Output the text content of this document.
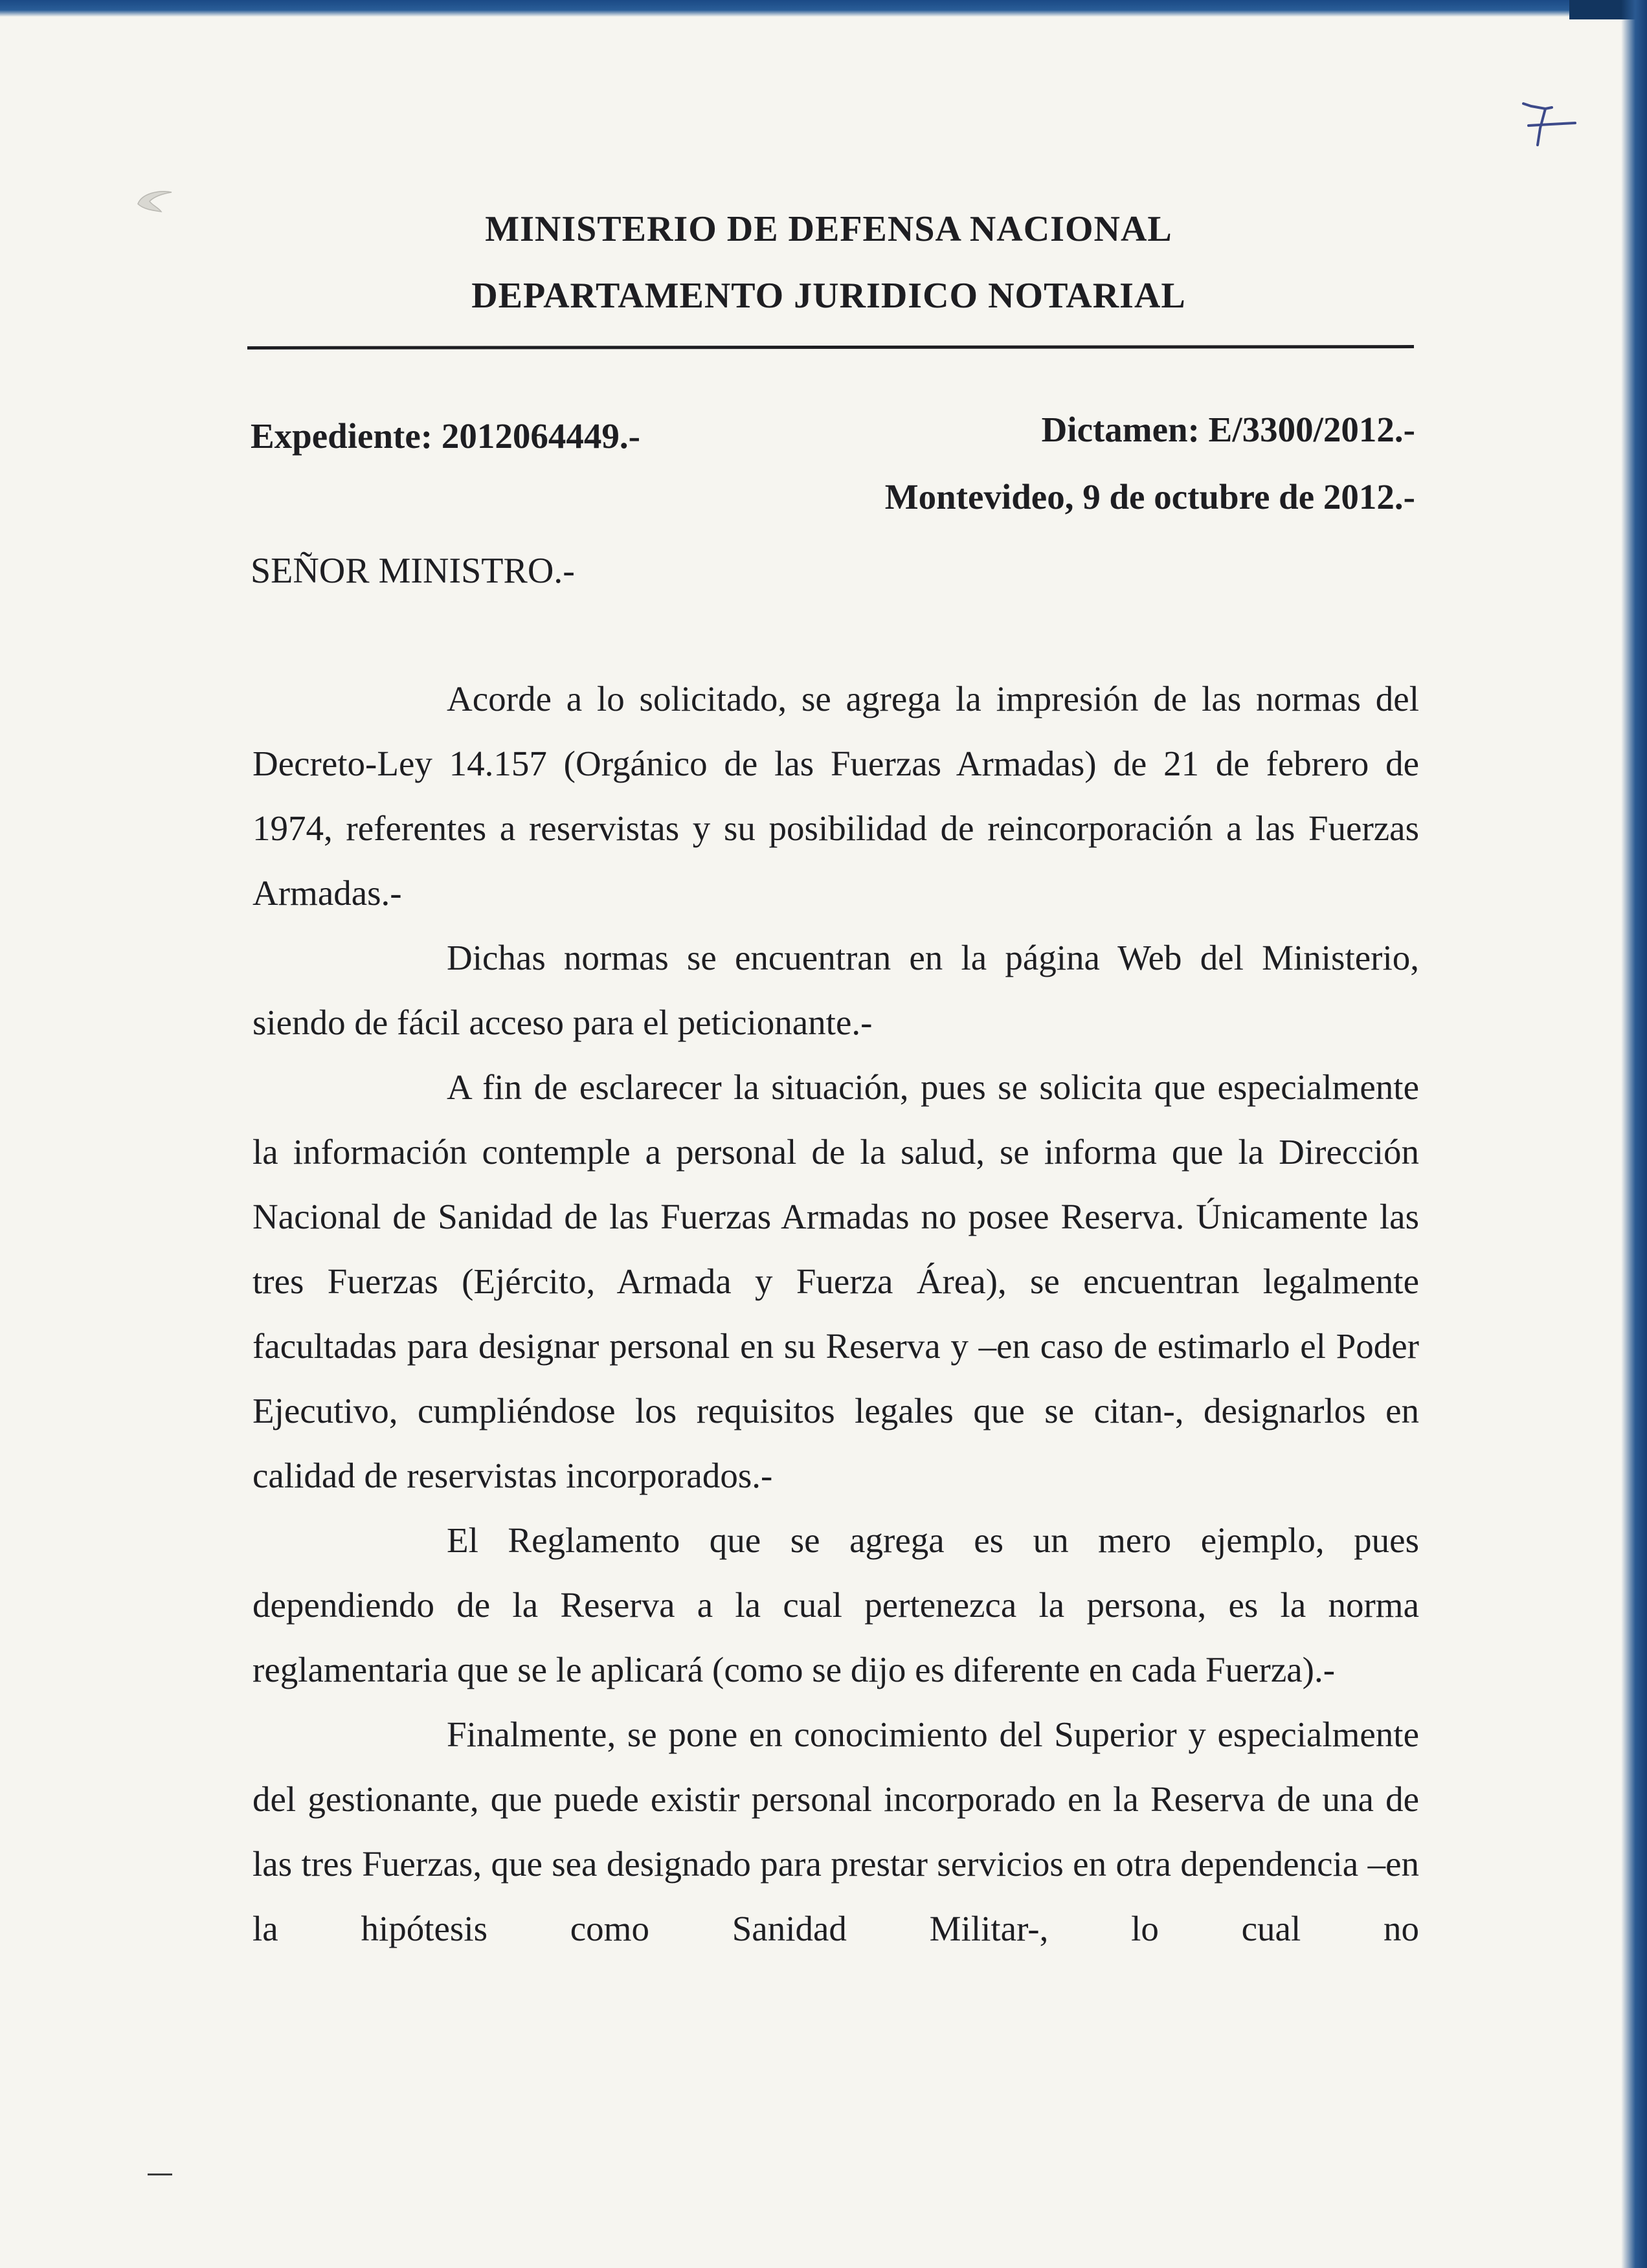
MINISTERIO DE DEFENSA NACIONAL
DEPARTAMENTO JURIDICO NOTARIAL
Expediente: 2012064449.-	Dictamen: E/3300/2012.-
Montevideo, 9 de octubre de 2012.-
SEÑOR MINISTRO.-

Acorde a lo solicitado, se agrega la impresión de las normas del Decreto-Ley 14.157 (Orgánico de las Fuerzas Armadas) de 21 de febrero de 1974, referentes a reservistas y su posibilidad de reincorporación a las Fuerzas Armadas.-

Dichas normas se encuentran en la página Web del Ministerio, siendo de fácil acceso para el peticionante.-

A fin de esclarecer la situación, pues se solicita que especialmente la información contemple a personal de la salud, se informa que la Dirección Nacional de Sanidad de las Fuerzas Armadas no posee Reserva. Únicamente las tres Fuerzas (Ejército, Armada y Fuerza Área), se encuentran legalmente facultadas para designar personal en su Reserva y –en caso de estimarlo el Poder Ejecutivo, cumpliéndose los requisitos legales que se citan-, designarlos en calidad de reservistas incorporados.-

El Reglamento que se agrega es un mero ejemplo, pues dependiendo de la Reserva a la cual pertenezca la persona, es la norma reglamentaria que se le aplicará (como se dijo es diferente en cada Fuerza).-

Finalmente, se pone en conocimiento del Superior y especialmente del gestionante, que puede existir personal incorporado en la Reserva de una de las tres Fuerzas, que sea designado para prestar servicios en otra dependencia –en la hipótesis como Sanidad Militar-, lo cual no
